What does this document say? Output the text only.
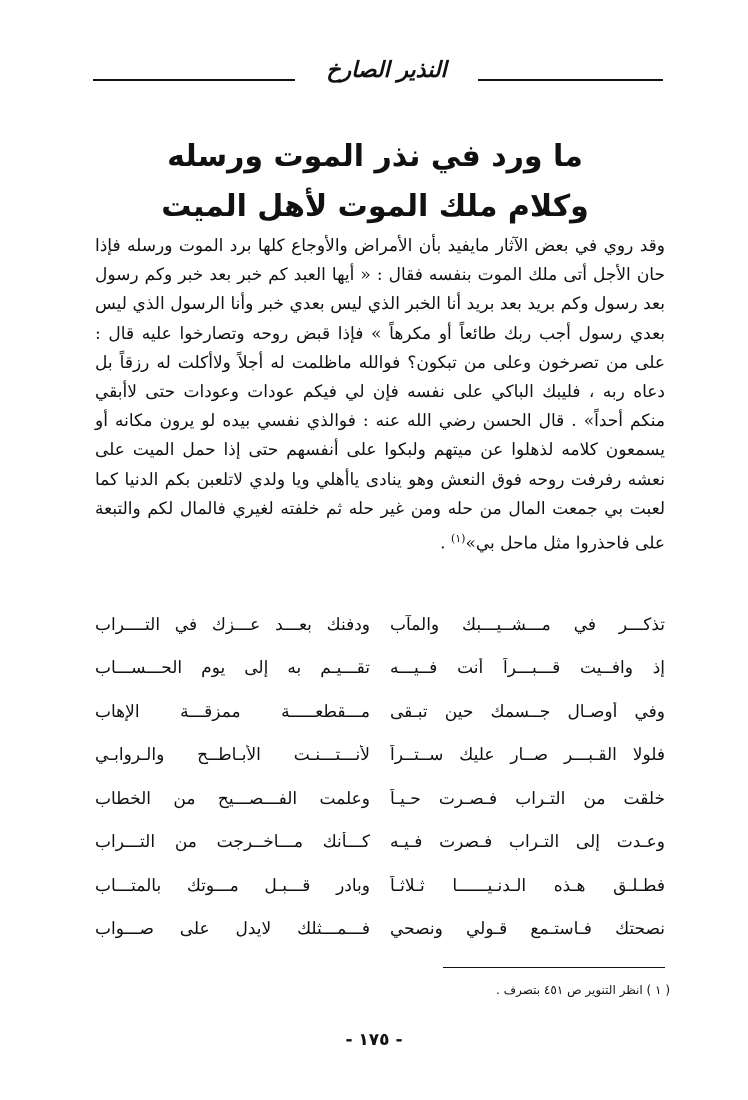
النذير الصارخ
ما ورد في نذر الموت ورسله
وكلام ملك الموت لأهل الميت
وقد روي في بعض الآثار مايفيد بأن الأمراض والأوجاع كلها برد الموت ورسله فإذا حان الأجل أتى ملك الموت بنفسه فقال : « أيها العبد كم خبر بعد خبر وكم رسول بعد رسول وكم بريد بعد بريد أنا الخبر الذي ليس بعدي خبر وأنا الرسول الذي ليس بعدي رسول أجب ربك طائعاً أو مكرهاً » فإذا قبض روحه وتصارخوا عليه قال : على من تصرخون وعلى من تبكون؟ فوالله ماظلمت له أجلاً ولاأكلت له رزقاً بل دعاه ربه ، فليبك الباكي على نفسه فإن لي فيكم عودات وعودات حتى لاأبقي منكم أحداً» . قال الحسن رضي الله عنه : فوالذي نفسي بيده لو يرون مكانه أو يسمعون كلامه لذهلوا عن ميتهم ولبكوا على أنفسهم حتى إذا حمل الميت على نعشه رفرفت روحه فوق النعش وهو ينادى ياأهلي ويا ولدي لاتلعبن بكم الدنيا كما لعبت بي جمعت المال من حله ومن غير حله ثم خلفته لغيري فالمال لكم والتبعة على فاحذروا مثل ماحل بي»$^{(١)}$ .
تذكـــر في مـــشــيـــبك والمآب
ودفنك بعـــد عـــزك في التــــراب
إذ وافــيت قـــبـــراً أنت فــيـــه
تقـــيـم به إلى يوم الحـــســـاب
وفي أوصـال جــسمك حين تبـقى
مـــقطعـــــة ممزقـــة الإهاب
فلولا القـبـــر صــار عليك ســتــراً
لأنـــتـــنـت الأبـاطــح والـروابـي
خلقت من التـراب فـصـرت حـيـاً
وعلمت الفـــصـــيح من الخطاب
وعـدت إلى التـراب فـصرت فـيـه
كـــأنك مـــاخــرجت من التـــراب
فطـلـق هـذه الـدنـيــــــا ثـلاثـاً
وبادر قـــبـل مـــوتك بالمتـــاب
نصحتك فـاستـمع قـولي ونصحي
فـــمـــثلك لايدل على صـــواب
( ١ ) انظر التنوير ص ٤٥١ بتصرف .
- ١٧٥ -
